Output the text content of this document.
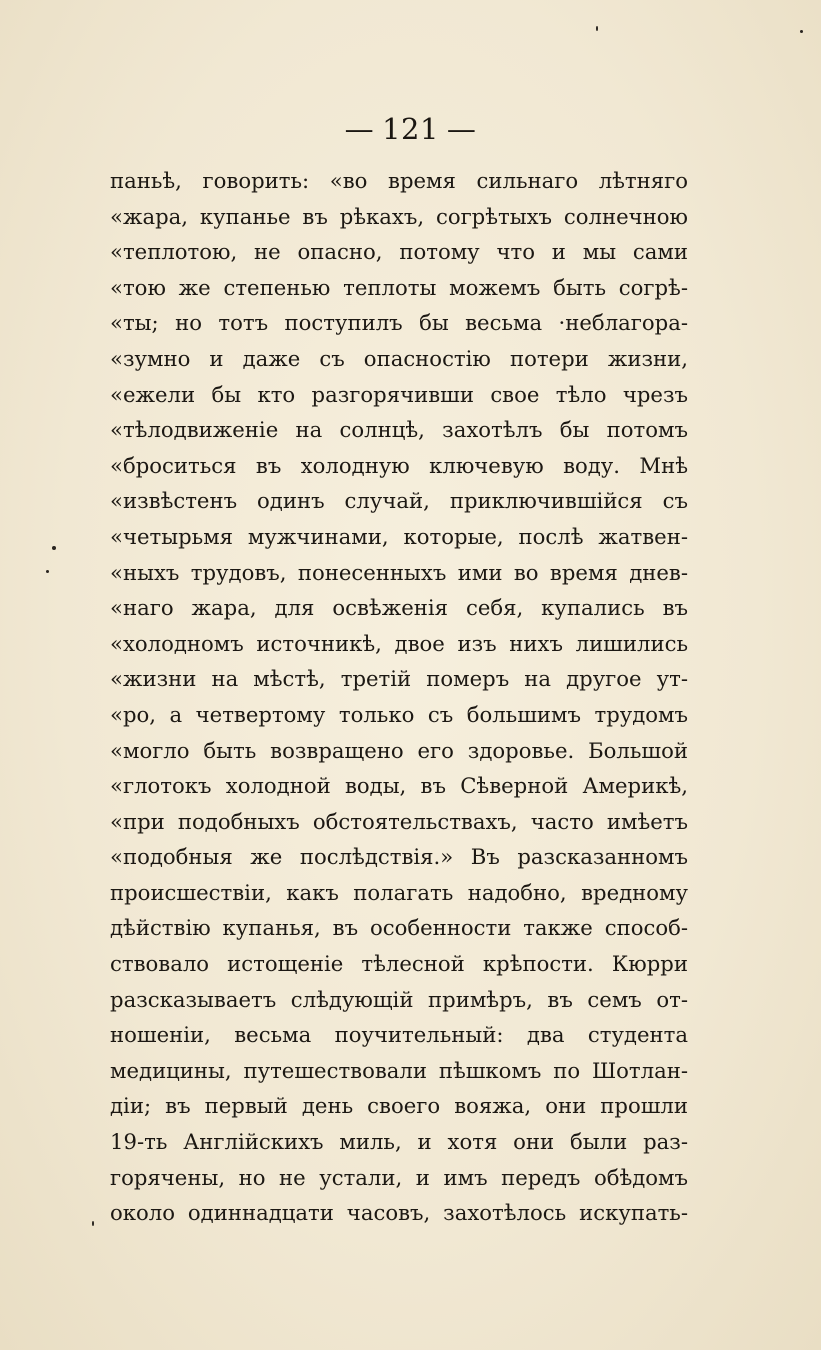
— 121 —
паньѣ, говорить: «во время сильнаго лѣтняго
«жара, купанье въ рѣкахъ, согрѣтыхъ солнечною
«теплотою, не опасно, потому что и мы сами
«тою же степенью теплоты можемъ быть согрѣ-
«ты; но тотъ поступилъ бы весьма ·неблагора-
«зумно и даже съ опасностію потери жизни,
«ежели бы кто разгорячивши свое тѣло чрезъ
«тѣлодвиженіе на солнцѣ, захотѣлъ бы потомъ
«броситься въ холодную ключевую воду. Мнѣ
«извѣстенъ одинъ случай, приключившійся съ
«четырьмя мужчинами, которые, послѣ жатвен-
«ныхъ трудовъ, понесенныхъ ими во время днев-
«наго жара, для освѣженія себя, купались въ
«холодномъ источникѣ, двое изъ нихъ лишились
«жизни на мѣстѣ, третій померъ на другое ут-
«ро, а четвертому только съ большимъ трудомъ
«могло быть возвращено его здоровье. Большой
«глотокъ холодной воды, въ Сѣверной Америкѣ,
«при подобныхъ обстоятельствахъ, часто имѣетъ
«подобныя же послѣдствія.» Въ разсказанномъ
происшествіи, какъ полагать надобно, вредному
дѣйствію купанья, въ особенности также способ-
ствовало истощеніе тѣлесной крѣпости. Кюрри
разсказываетъ слѣдующій примѣръ, въ семъ от-
ношеніи, весьма поучительный: два студента
медицины, путешествовали пѣшкомъ по Шотлан-
діи; въ первый день своего вояжа, они прошли
19-ть Англійскихъ миль, и хотя они были раз-
горячены, но не устали, и имъ передъ обѣдомъ
около одиннадцати часовъ, захотѣлось искупать-
